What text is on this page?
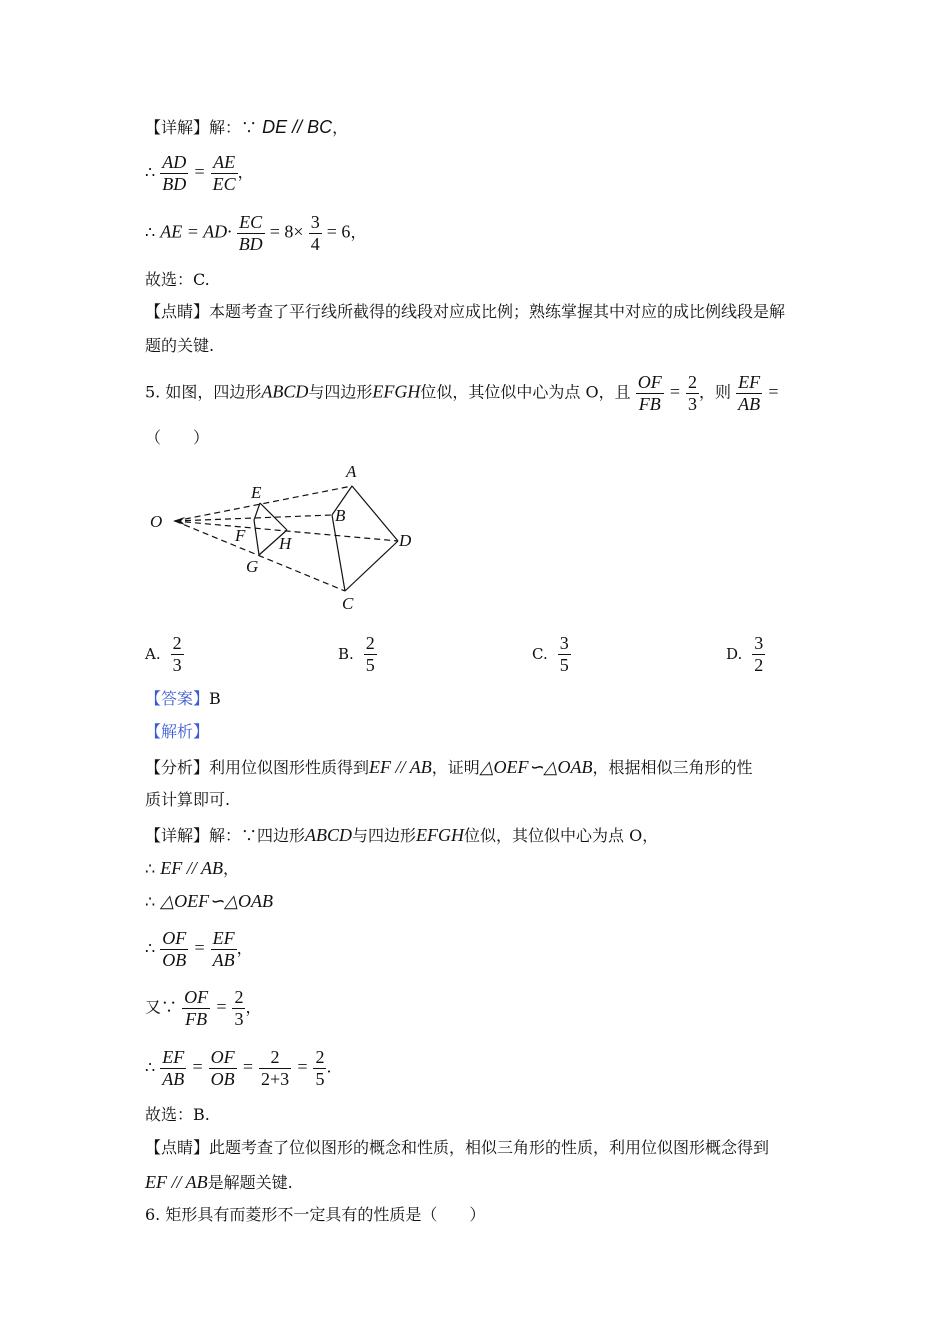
【详解】解：∵ DE // BC，
∴ $\frac{AD}{BD} = \frac{AE}{EC}$ ，
∴ AE = $AD\cdot \frac{EC}{BD} = 8\times \frac{3}{4} = 6$，
故选：C.
【点睛】本题考查了平行线所截得的线段对应成比例；熟练掌握其中对应的成比例线段是解
题的关键.
5. 如图，四边形ABCD与四边形EFGH位似，其位似中心为点 O，且 $\frac{OF}{FB} = \frac{2}{3}$ ，则 $\frac{EF}{AB}$ =
（　　）
O
A
B
C
D
E
F
G
H
A. $\frac{2}{3}$	B. $\frac{2}{5}$	C. $\frac{3}{5}$	D. $\frac{3}{2}$
【答案】B
【解析】
【分析】利用位似图形性质得到EF // AB，证明△OEF∽△OAB，根据相似三角形的性
质计算即可.
【详解】解：∵四边形ABCD与四边形EFGH位似，其位似中心为点 O，
∴ EF // AB，
∴ △OEF∽△OAB
∴ $\frac{OF}{OB} = \frac{EF}{AB}$ ，
又∵ $\frac{OF}{FB} = \frac{2}{3}$ ，
∴ $\frac{EF}{AB} = \frac{OF}{OB} = \frac{2}{2+3} = \frac{2}{5}$ .
故选：B.
【点睛】此题考查了位似图形的概念和性质，相似三角形的性质，利用位似图形概念得到
EF // AB是解题关键.
6. 矩形具有而菱形不一定具有的性质是（　　）
